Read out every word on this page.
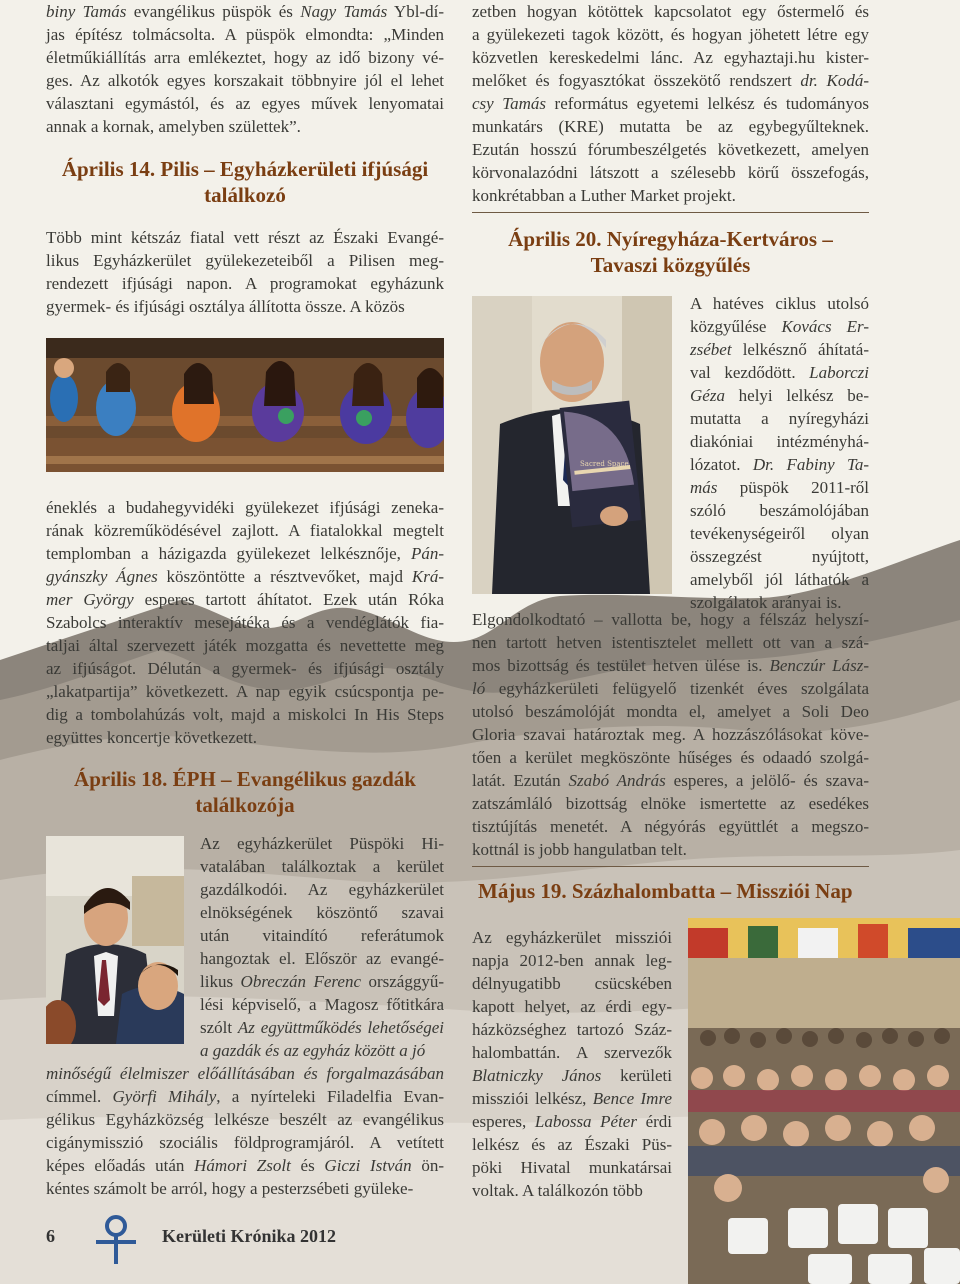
biny Tamás evangélikus püspök és Nagy Tamás Ybl-dí-
jas építész tolmácsolta. A püspök elmondta: „Minden
életműkiállítás arra emlékeztet, hogy az idő bizony vé-
ges. Az alkotók egyes korszakait többnyire jól el lehet
választani egymástól, és az egyes művek lenyomatai
annak a kornak, amelyben születtek”.
Április 14. Pilis – Egyházkerületi ifjúsági
találkozó
Több mint kétszáz fiatal vett részt az Északi Evangé-
likus Egyházkerület gyülekezeteiből a Pilisen meg-
rendezett ifjúsági napon. A programokat egyházunk
gyermek- és ifjúsági osztálya állította össze. A közös
éneklés a budahegyvidéki gyülekezet ifjúsági zeneka-
rának közreműködésével zajlott. A fiatalokkal megtelt
templomban a házigazda gyülekezet lelkésznője, Pán-
gyánszky Ágnes köszöntötte a résztvevőket, majd Krá-
mer György esperes tartott áhítatot. Ezek után Róka
Szabolcs interaktív mesejátéka és a vendéglátók fia-
taljai által szervezett játék mozgatta és nevettette meg
az ifjúságot. Délután a gyermek- és ifjúsági osztály
„lakatpartija” következett. A nap egyik csúcspontja pe-
dig a tombolahúzás volt, majd a miskolci In His Steps
együttes koncertje következett.
Április 18. ÉPH – Evangélikus gazdák
találkozója
Az egyházkerület Püspöki Hi-
vatalában találkoztak a kerület
gazdálkodói. Az egyházkerület
elnökségének köszöntő szavai
után vitaindító referátumok
hangoztak el. Először az evangé-
likus Obreczán Ferenc országgyű-
lési képviselő, a Magosz főtitkára
szólt Az együttműködés lehetőségei
a gazdák és az egyház között a jó
minőségű élelmiszer előállításában és forgalmazásában
címmel. Györfi Mihály, a nyírteleki Filadelfia Evan-
gélikus Egyházközség lelkésze beszélt az evangélikus
cigánymisszió szociális földprogramjáról. A vetített
képes előadás után Hámori Zsolt és Giczi István ön-
kéntes számolt be arról, hogy a pesterzsébeti gyüleke-
6	Kerületi Krónika 2012
zetben hogyan kötöttek kapcsolatot egy őstermelő és
a gyülekezeti tagok között, és hogyan jöhetett létre egy
közvetlen kereskedelmi lánc. Az egyhaztaji.hu kister-
melőket és fogyasztókat összekötő rendszert dr. Kodá-
csy Tamás református egyetemi lelkész és tudományos
munkatárs (KRE) mutatta be az egybegyűlteknek.
Ezután hosszú fórumbeszélgetés következett, amelyen
körvonalazódni látszott a szélesebb körű összefogás,
konkrétabban a Luther Market projekt.
Április 20. Nyíregyháza-Kertváros –
Tavaszi közgyűlés
Sacred Space
A hatéves ciklus utolsó
közgyűlése Kovács Er-
zsébet lelkésznő áhítatá-
val kezdődött. Laborczi
Géza helyi lelkész be-
mutatta a nyíregyházi
diakóniai intézményhá-
lózatot. Dr. Fabiny Ta-
más püspök 2011-ről
szóló beszámolójában
tevékenységeiről olyan
összegzést nyújtott,
amelyből jól láthatók a
szolgálatok arányai is.
Elgondolkodtató – vallotta be, hogy a félszáz helyszí-
nen tartott hetven istentisztelet mellett ott van a szá-
mos bizottság és testület hetven ülése is. Benczúr Lász-
ló egyházkerületi felügyelő tizenkét éves szolgálata
utolsó beszámolóját mondta el, amelyet a Soli Deo
Gloria szavai határoztak meg. A hozzászólásokat köve-
tően a kerület megköszönte hűséges és odaadó szolgá-
latát. Ezután Szabó András esperes, a jelölő- és szava-
zatszámláló bizottság elnöke ismertette az esedékes
tisztújítás menetét. A négyórás együttlét a megszo-
kottnál is jobb hangulatban telt.
Május 19. Százhalombatta – Missziói Nap
Az egyházkerület missziói
napja 2012-ben annak leg-
délnyugatibb csücskében
kapott helyet, az érdi egy-
házközséghez tartozó Száz-
halombattán. A szervezők
Blatniczky János kerületi
missziói lelkész, Bence Imre
esperes, Labossa Péter érdi
lelkész és az Északi Püs-
pöki Hivatal munkatársai
voltak. A találkozón több
